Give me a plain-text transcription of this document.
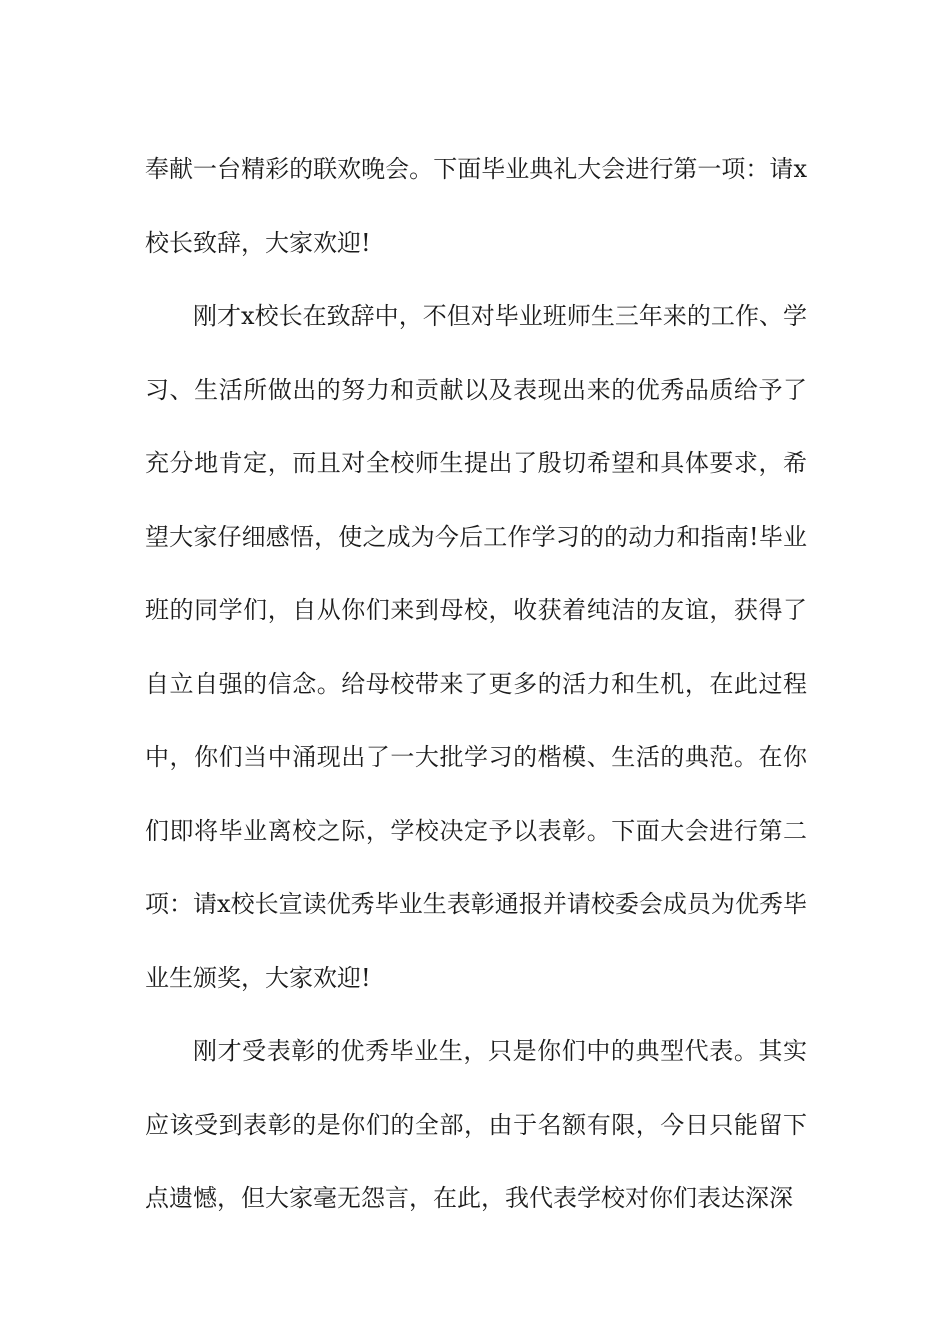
奉献一台精彩的联欢晚会。下面毕业典礼大会进行第一项：请x校长致辞，大家欢迎!

刚才x校长在致辞中，不但对毕业班师生三年来的工作、学习、生活所做出的努力和贡献以及表现出来的优秀品质给予了充分地肯定，而且对全校师生提出了殷切希望和具体要求，希望大家仔细感悟，使之成为今后工作学习的的动力和指南!毕业班的同学们，自从你们来到母校，收获着纯洁的友谊，获得了自立自强的信念。给母校带来了更多的活力和生机，在此过程中，你们当中涌现出了一大批学习的楷模、生活的典范。在你们即将毕业离校之际，学校决定予以表彰。下面大会进行第二项：请x校长宣读优秀毕业生表彰通报并请校委会成员为优秀毕业生颁奖，大家欢迎!

刚才受表彰的优秀毕业生，只是你们中的典型代表。其实应该受到表彰的是你们的全部，由于名额有限，今日只能留下点遗憾，但大家毫无怨言，在此，我代表学校对你们表达深深
